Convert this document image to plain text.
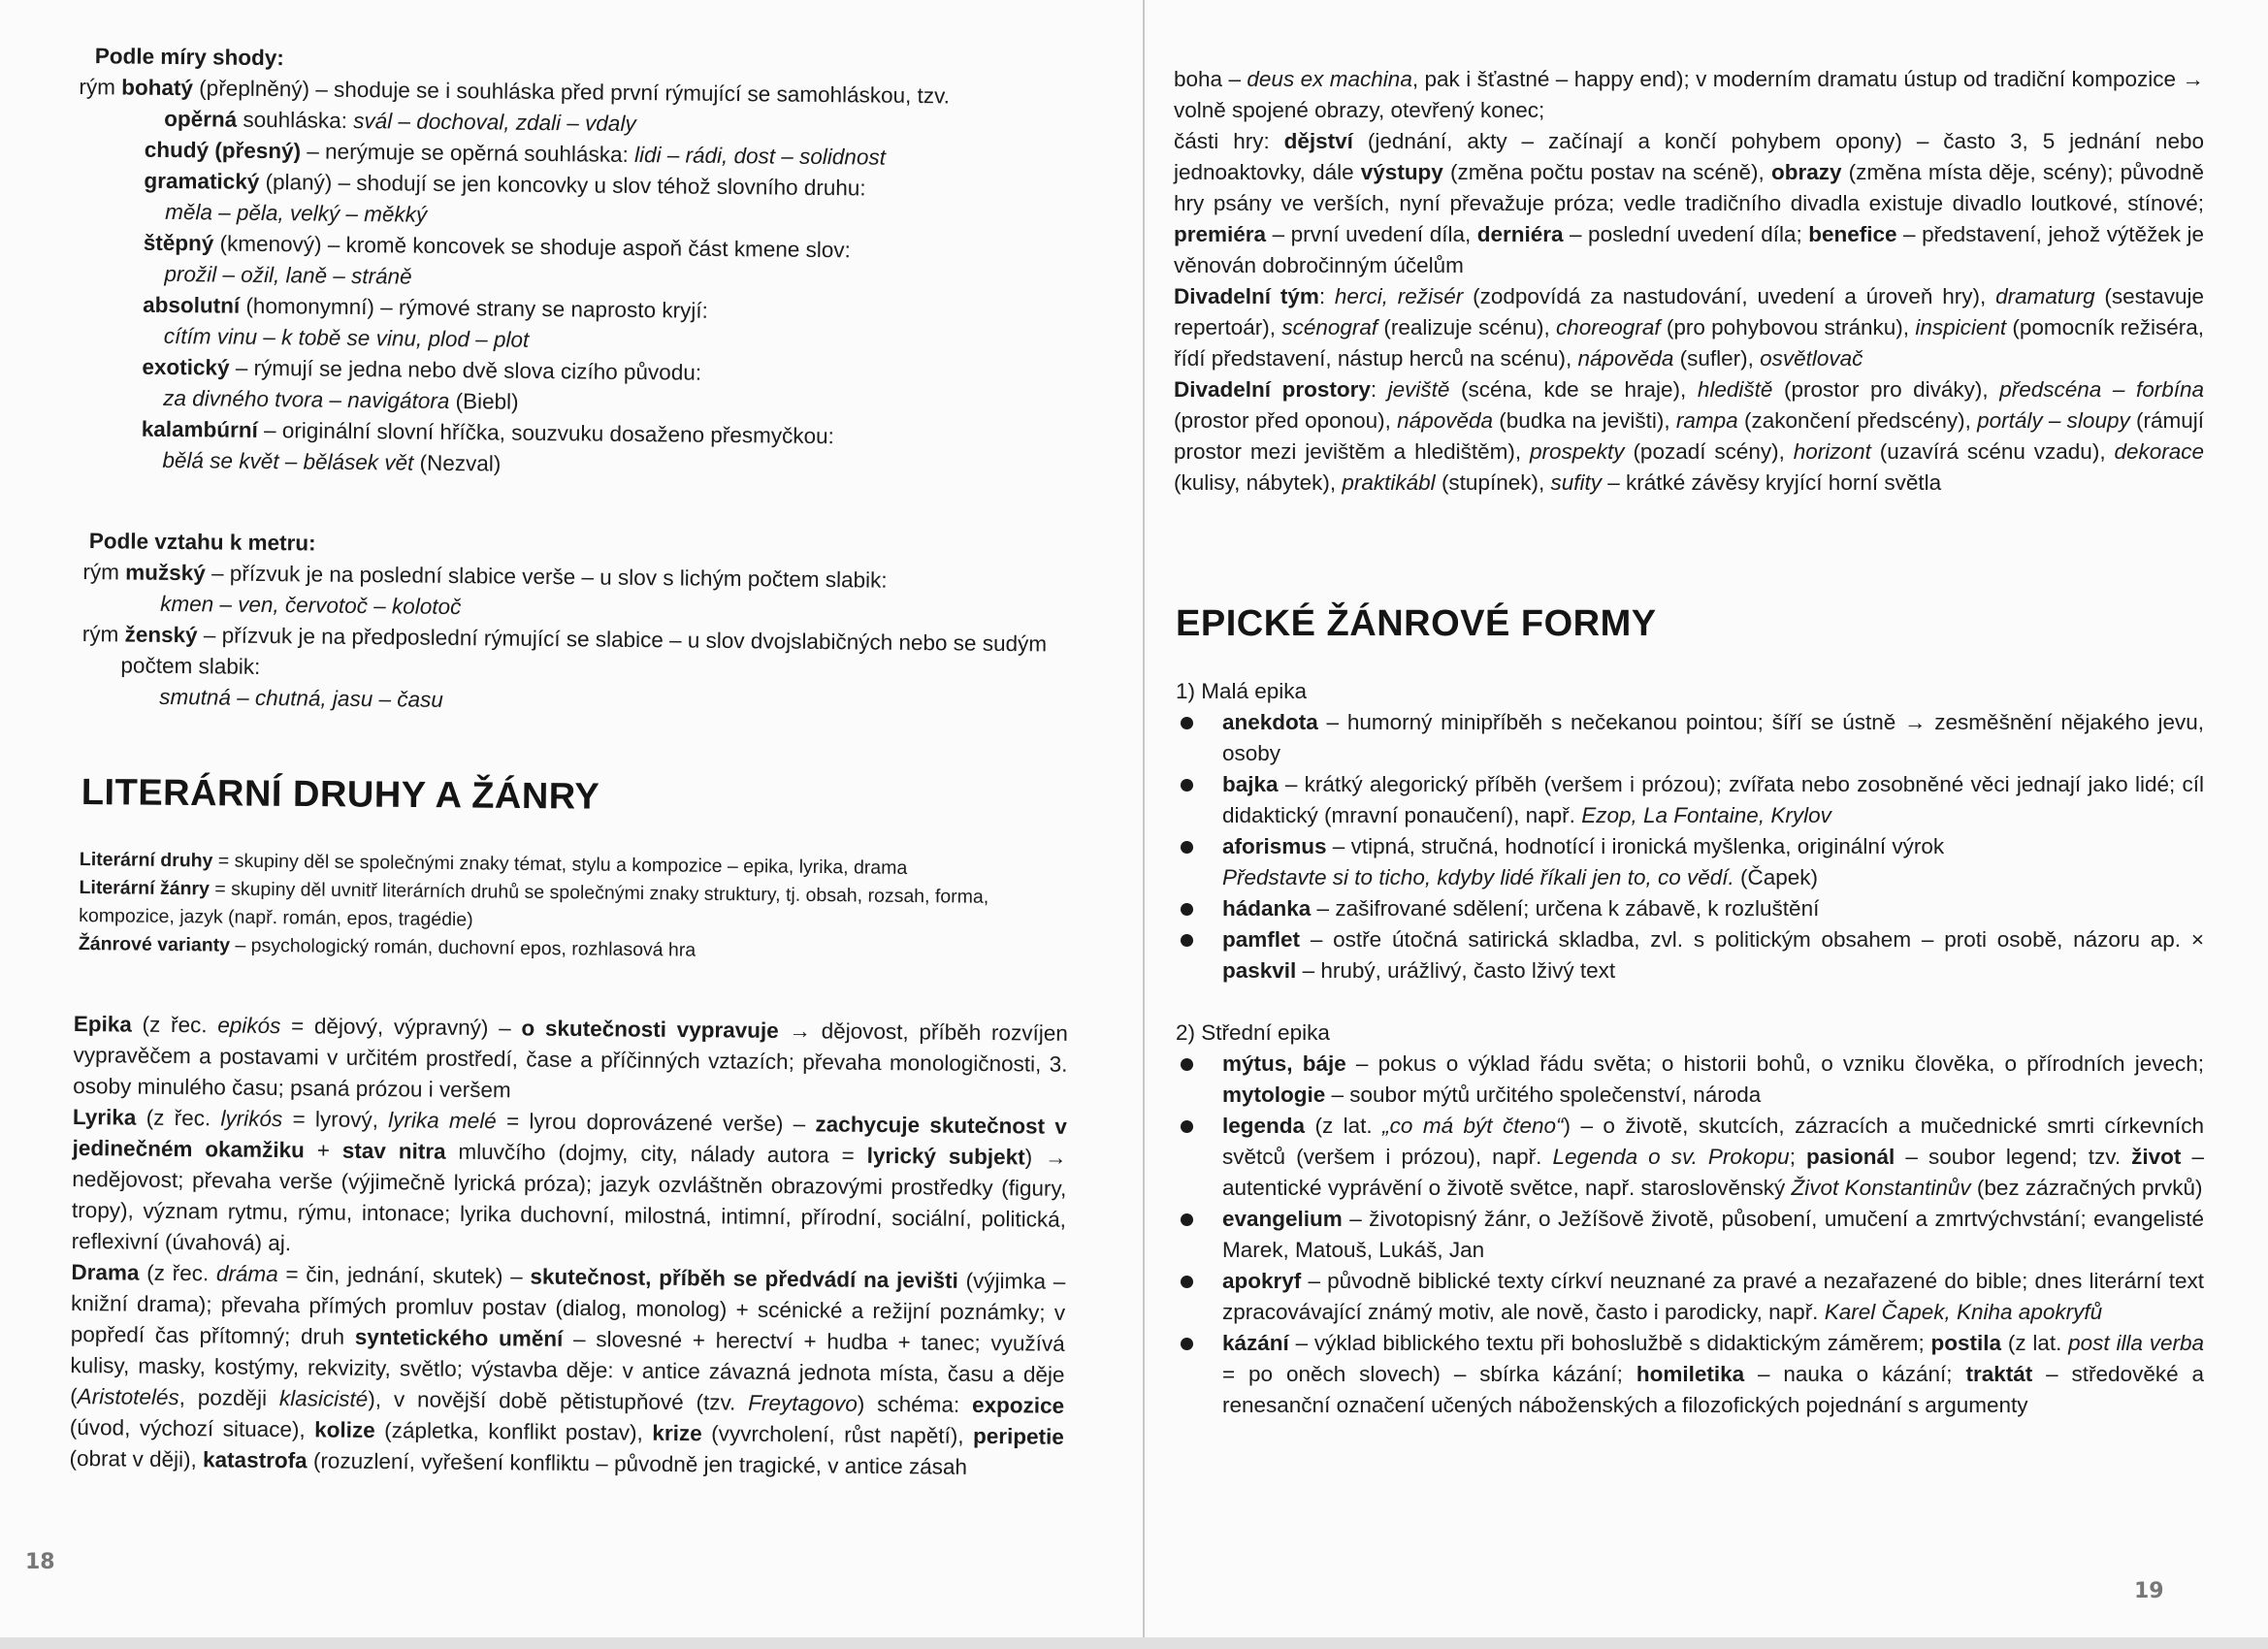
Podle míry shody:

rým bohatý (přeplněný) – shoduje se i souhláska před první rýmující se samohláskou, tzv.

opěrná souhláska: svál – dochoval, zdali – vdaly

chudý (přesný) – nerýmuje se opěrná souhláska: lidi – rádi, dost – solidnost

gramatický (planý) – shodují se jen koncovky u slov téhož slovního druhu:

měla – pěla, velký – měkký

štěpný (kmenový) – kromě koncovek se shoduje aspoň část kmene slov:

prožil – ožil, laně – stráně

absolutní (homonymní) – rýmové strany se naprosto kryjí:

cítím vinu – k tobě se vinu, plod – plot

exotický – rýmují se jedna nebo dvě slova cizího původu:

za divného tvora – navigátora (Biebl)

kalambúrní – originální slovní hříčka, souzvuku dosaženo přesmyčkou:

bělá se květ – bělásek vět (Nezval)

Podle vztahu k metru:

rým mužský – přízvuk je na poslední slabice verše – u slov s lichým počtem slabik:

kmen – ven, červotoč – kolotoč

rým ženský – přízvuk je na předposlední rýmující se slabice – u slov dvojslabičných nebo se sudým počtem slabik:

smutná – chutná, jasu – času

LITERÁRNÍ DRUHY A ŽÁNRY

Literární druhy = skupiny děl se společnými znaky témat, stylu a kompozice – epika, lyrika, drama

Literární žánry = skupiny děl uvnitř literárních druhů se společnými znaky struktury, tj. obsah, rozsah, forma, kompozice, jazyk (např. román, epos, tragédie)

Žánrové varianty – psychologický román, duchovní epos, rozhlasová hra

Epika (z řec. epikós = dějový, výpravný) – o skutečnosti vypravuje → dějovost, příběh rozvíjen vypravěčem a postavami v určitém prostředí, čase a příčinných vztazích; převaha monologičnosti, 3. osoby minulého času; psaná prózou i veršem

Lyrika (z řec. lyrikós = lyrový, lyrika melé = lyrou doprovázené verše) – zachycuje skutečnost v jedinečném okamžiku + stav nitra mluvčího (dojmy, city, nálady autora = lyrický subjekt) → nedějovost; převaha verše (výjimečně lyrická próza); jazyk ozvláštněn obrazovými prostředky (figury, tropy), význam rytmu, rýmu, intonace; lyrika duchovní, milostná, intimní, přírodní, sociální, politická, reflexivní (úvahová) aj.

Drama (z řec. dráma = čin, jednání, skutek) – skutečnost, příběh se předvádí na jevišti (výjimka – knižní drama); převaha přímých promluv postav (dialog, monolog) + scénické a režijní poznámky; v popředí čas přítomný; druh syntetického umění – slovesné + herectví + hudba + tanec; využívá kulisy, masky, kostýmy, rekvizity, světlo; výstavba děje: v antice závazná jednota místa, času a děje (Aristotelés, později klasicisté), v novější době pětistupňové (tzv. Freytagovo) schéma: expozice (úvod, výchozí situace), kolize (zápletka, konflikt postav), krize (vyvrcholení, růst napětí), peripetie (obrat v ději), katastrofa (rozuzlení, vyřešení konfliktu – původně jen tragické, v antice zásah

18

boha – deus ex machina, pak i šťastné – happy end); v moderním dramatu ústup od tradiční kompozice → volně spojené obrazy, otevřený konec;

části hry: dějství (jednání, akty – začínají a končí pohybem opony) – často 3, 5 jednání nebo jednoaktovky, dále výstupy (změna počtu postav na scéně), obrazy (změna místa děje, scény); původně hry psány ve verších, nyní převažuje próza; vedle tradičního divadla existuje divadlo loutkové, stínové; premiéra – první uvedení díla, derniéra – poslední uvedení díla; benefice – představení, jehož výtěžek je věnován dobročinným účelům

Divadelní tým: herci, režisér (zodpovídá za nastudování, uvedení a úroveň hry), dramaturg (sestavuje repertoár), scénograf (realizuje scénu), choreograf (pro pohybovou stránku), inspicient (pomocník režiséra, řídí představení, nástup herců na scénu), nápověda (sufler), osvětlovač

Divadelní prostory: jeviště (scéna, kde se hraje), hlediště (prostor pro diváky), předscéna – forbína (prostor před oponou), nápověda (budka na jevišti), rampa (zakončení předscény), portály – sloupy (rámují prostor mezi jevištěm a hledištěm), prospekty (pozadí scény), horizont (uzavírá scénu vzadu), dekorace (kulisy, nábytek), praktikábl (stupínek), sufity – krátké závěsy kryjící horní světla

EPICKÉ ŽÁNROVÉ FORMY

1) Malá epika

anekdota – humorný minipříběh s nečekanou pointou; šíří se ústně → zesměšnění nějakého jevu, osoby
bajka – krátký alegorický příběh (veršem i prózou); zvířata nebo zosobněné věci jednají jako lidé; cíl didaktický (mravní ponaučení), např. Ezop, La Fontaine, Krylov
aforismus – vtipná, stručná, hodnotící i ironická myšlenka, originální výrok
Představte si to ticho, kdyby lidé říkali jen to, co vědí. (Čapek)
hádanka – zašifrované sdělení; určena k zábavě, k rozluštění
pamflet – ostře útočná satirická skladba, zvl. s politickým obsahem – proti osobě, názoru ap. × paskvil – hrubý, urážlivý, často lživý text

2) Střední epika

mýtus, báje – pokus o výklad řádu světa; o historii bohů, o vzniku člověka, o přírodních jevech; mytologie – soubor mýtů určitého společenství, národa
legenda (z lat. „co má být čteno“) – o životě, skutcích, zázracích a mučednické smrti církevních světců (veršem i prózou), např. Legenda o sv. Prokopu; pasionál – soubor legend; tzv. život – autentické vyprávění o životě světce, např. staroslověnský Život Konstantinův (bez zázračných prvků)
evangelium – životopisný žánr, o Ježíšově životě, působení, umučení a zmrtvýchvstání; evangelisté Marek, Matouš, Lukáš, Jan
apokryf – původně biblické texty církví neuznané za pravé a nezařazené do bible; dnes literární text zpracovávající známý motiv, ale nově, často i parodicky, např. Karel Čapek, Kniha apokryfů
kázání – výklad biblického textu při bohoslužbě s didaktickým záměrem; postila (z lat. post illa verba = po oněch slovech) – sbírka kázání; homiletika – nauka o kázání; traktát – středověké a renesanční označení učených náboženských a filozofických pojednání s argumenty
19
